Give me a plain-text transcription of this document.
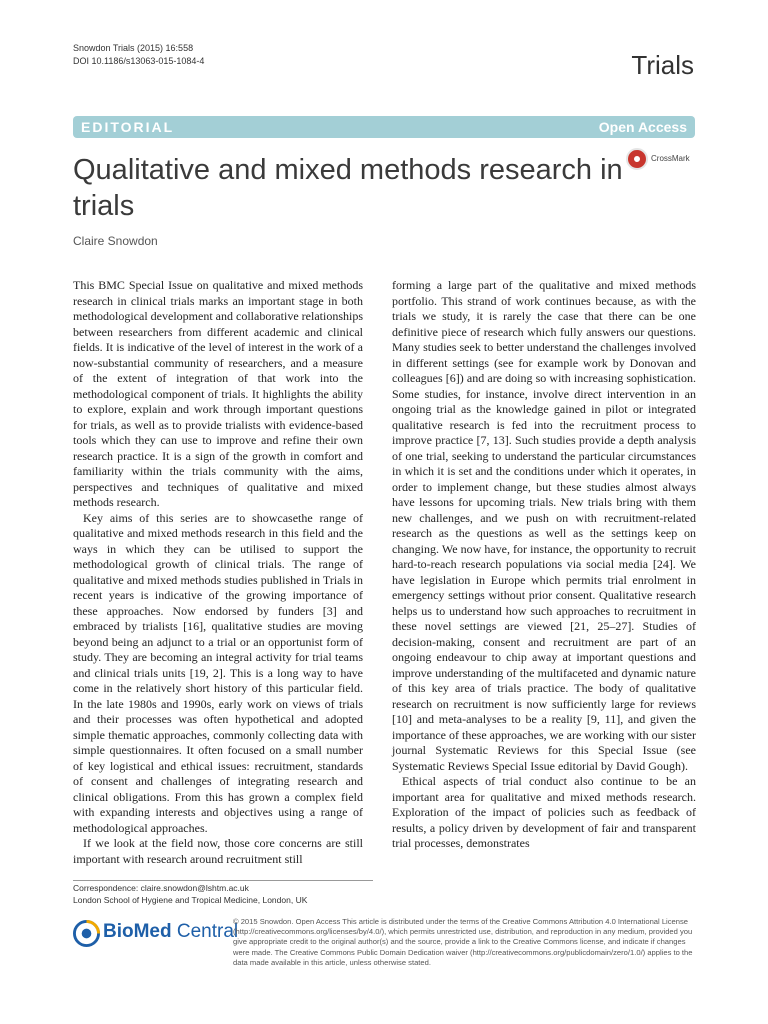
Snowdon Trials (2015) 16:558
DOI 10.1186/s13063-015-1084-4	Trials
EDITORIAL	Open Access
Qualitative and mixed methods research in trials
CrossMark
Claire Snowdon

This BMC Special Issue on qualitative and mixed methods research in clinical trials marks an important stage in both methodological development and collaborative relationships between researchers from different academic and clinical fields. It is indicative of the level of interest in the work of a now-substantial community of researchers, and a measure of the extent of integration of that work into the methodological component of trials. It highlights the ability to explore, explain and work through important questions for trials, as well as to provide trialists with evidence-based tools which they can use to improve and refine their own research practice. It is a sign of the growth in comfort and familiarity within the trials community with the aims, perspectives and techniques of qualitative and mixed methods research.

Key aims of this series are to showcasethe range of qualitative and mixed methods research in this field and the ways in which they can be utilised to support the methodological growth of clinical trials. The range of qualitative and mixed methods studies published in Trials in recent years is indicative of the growing importance of these approaches. Now endorsed by funders [3] and embraced by trialists [16], qualitative studies are moving beyond being an adjunct to a trial or an opportunist form of study. They are becoming an integral activity for trial teams and clinical trials units [19, 2]. This is a long way to have come in the relatively short history of this particular field. In the late 1980s and 1990s, early work on views of trials and their processes was often hypothetical and adopted simple thematic approaches, commonly collecting data with simple questionnaires. It often focused on a small number of key logistical and ethical issues: recruitment, standards of consent and challenges of integrating research and clinical obligations. From this has grown a complex field with expanding interests and objectives using a range of methodological approaches.

If we look at the field now, those core concerns are still important with research around recruitment still

forming a large part of the qualitative and mixed methods portfolio. This strand of work continues because, as with the trials we study, it is rarely the case that there can be one definitive piece of research which fully answers our questions. Many studies seek to better understand the challenges involved in different settings (see for example work by Donovan and colleagues [6]) and are doing so with increasing sophistication. Some studies, for instance, involve direct intervention in an ongoing trial as the knowledge gained in pilot or integrated qualitative research is fed into the recruitment process to improve practice [7, 13]. Such studies provide a depth analysis of one trial, seeking to understand the particular circumstances in which it is set and the conditions under which it operates, in order to implement change, but these studies almost always have lessons for upcoming trials. New trials bring with them new challenges, and we push on with recruitment-related research as the questions as well as the settings keep on changing. We now have, for instance, the opportunity to recruit hard-to-reach research populations via social media [24]. We have legislation in Europe which permits trial enrolment in emergency settings without prior consent. Qualitative research helps us to understand how such approaches to recruitment in these novel settings are viewed [21, 25–27]. Studies of decision-making, consent and recruitment are part of an ongoing endeavour to chip away at important questions and improve understanding of the multifaceted and dynamic nature of this key area of trials practice. The body of qualitative research on recruitment is now sufficiently large for reviews [10] and meta-analyses to be a reality [9, 11], and given the importance of these approaches, we are working with our sister journal Systematic Reviews for this Special Issue (see Systematic Reviews Special Issue editorial by David Gough).

Ethical aspects of trial conduct also continue to be an important area for qualitative and mixed methods research. Exploration of the impact of policies such as feedback of results, a policy driven by development of fair and transparent trial processes, demonstrates

Correspondence: claire.snowdon@lshtm.ac.uk
London School of Hygiene and Tropical Medicine, London, UK
BioMed Central
© 2015 Snowdon. Open Access This article is distributed under the terms of the Creative Commons Attribution 4.0 International License (http://creativecommons.org/licenses/by/4.0/), which permits unrestricted use, distribution, and reproduction in any medium, provided you give appropriate credit to the original author(s) and the source, provide a link to the Creative Commons license, and indicate if changes were made. The Creative Commons Public Domain Dedication waiver (http://creativecommons.org/publicdomain/zero/1.0/) applies to the data made available in this article, unless otherwise stated.
